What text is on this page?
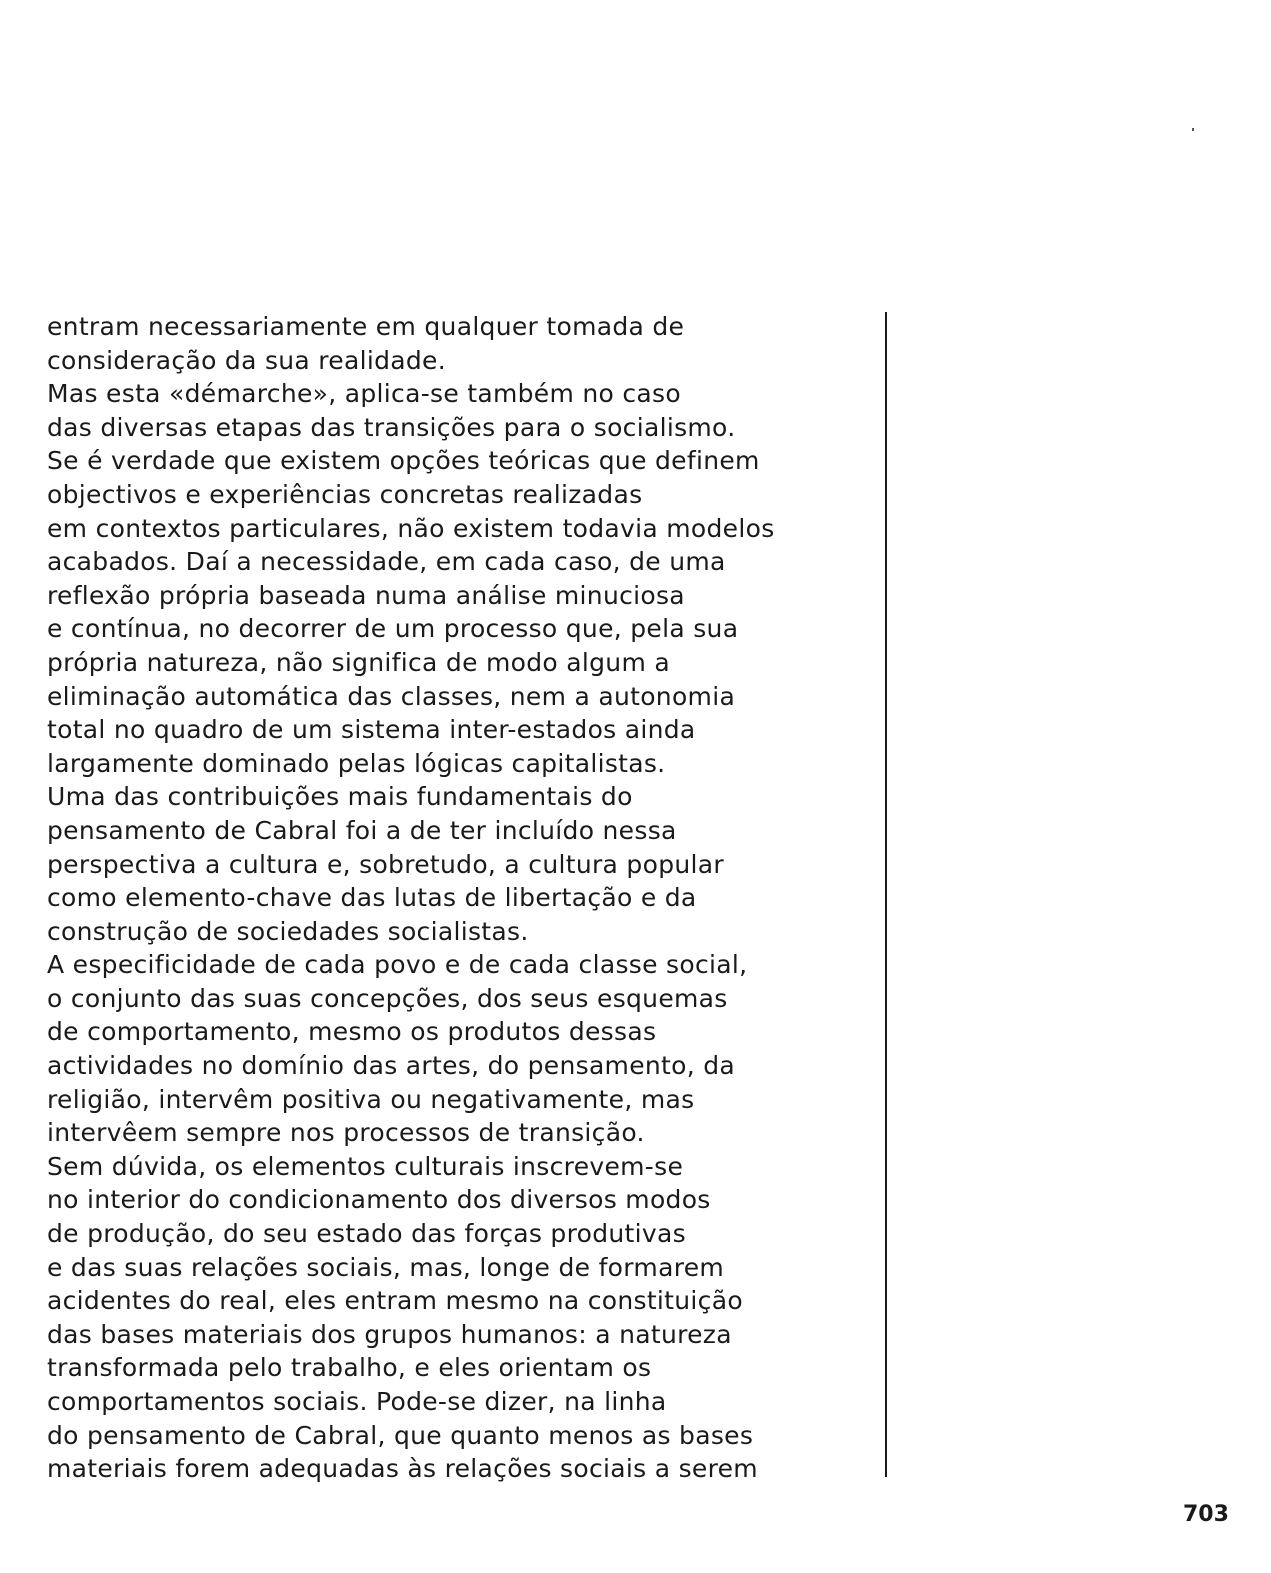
entram necessariamente em qualquer tomada de
consideração da sua realidade.
Mas esta «démarche», aplica-se também no caso
das diversas etapas das transições para o socialismo.
Se é verdade que existem opções teóricas que definem
objectivos e experiências concretas realizadas
em contextos particulares, não existem todavia modelos
acabados. Daí a necessidade, em cada caso, de uma
reflexão própria baseada numa análise minuciosa
e contínua, no decorrer de um processo que, pela sua
própria natureza, não significa de modo algum a
eliminação automática das classes, nem a autonomia
total no quadro de um sistema inter-estados ainda
largamente dominado pelas lógicas capitalistas.
Uma das contribuições mais fundamentais do
pensamento de Cabral foi a de ter incluído nessa
perspectiva a cultura e, sobretudo, a cultura popular
como elemento-chave das lutas de libertação e da
construção de sociedades socialistas.
A especificidade de cada povo e de cada classe social,
o conjunto das suas concepções, dos seus esquemas
de comportamento, mesmo os produtos dessas
actividades no domínio das artes, do pensamento, da
religião, intervêm positiva ou negativamente, mas
intervêem sempre nos processos de transição.
Sem dúvida, os elementos culturais inscrevem-se
no interior do condicionamento dos diversos modos
de produção, do seu estado das forças produtivas
e das suas relações sociais, mas, longe de formarem
acidentes do real, eles entram mesmo na constituição
das bases materiais dos grupos humanos: a natureza
transformada pelo trabalho, e eles orientam os
comportamentos sociais. Pode-se dizer, na linha
do pensamento de Cabral, que quanto menos as bases
materiais forem adequadas às relações sociais a serem
703
